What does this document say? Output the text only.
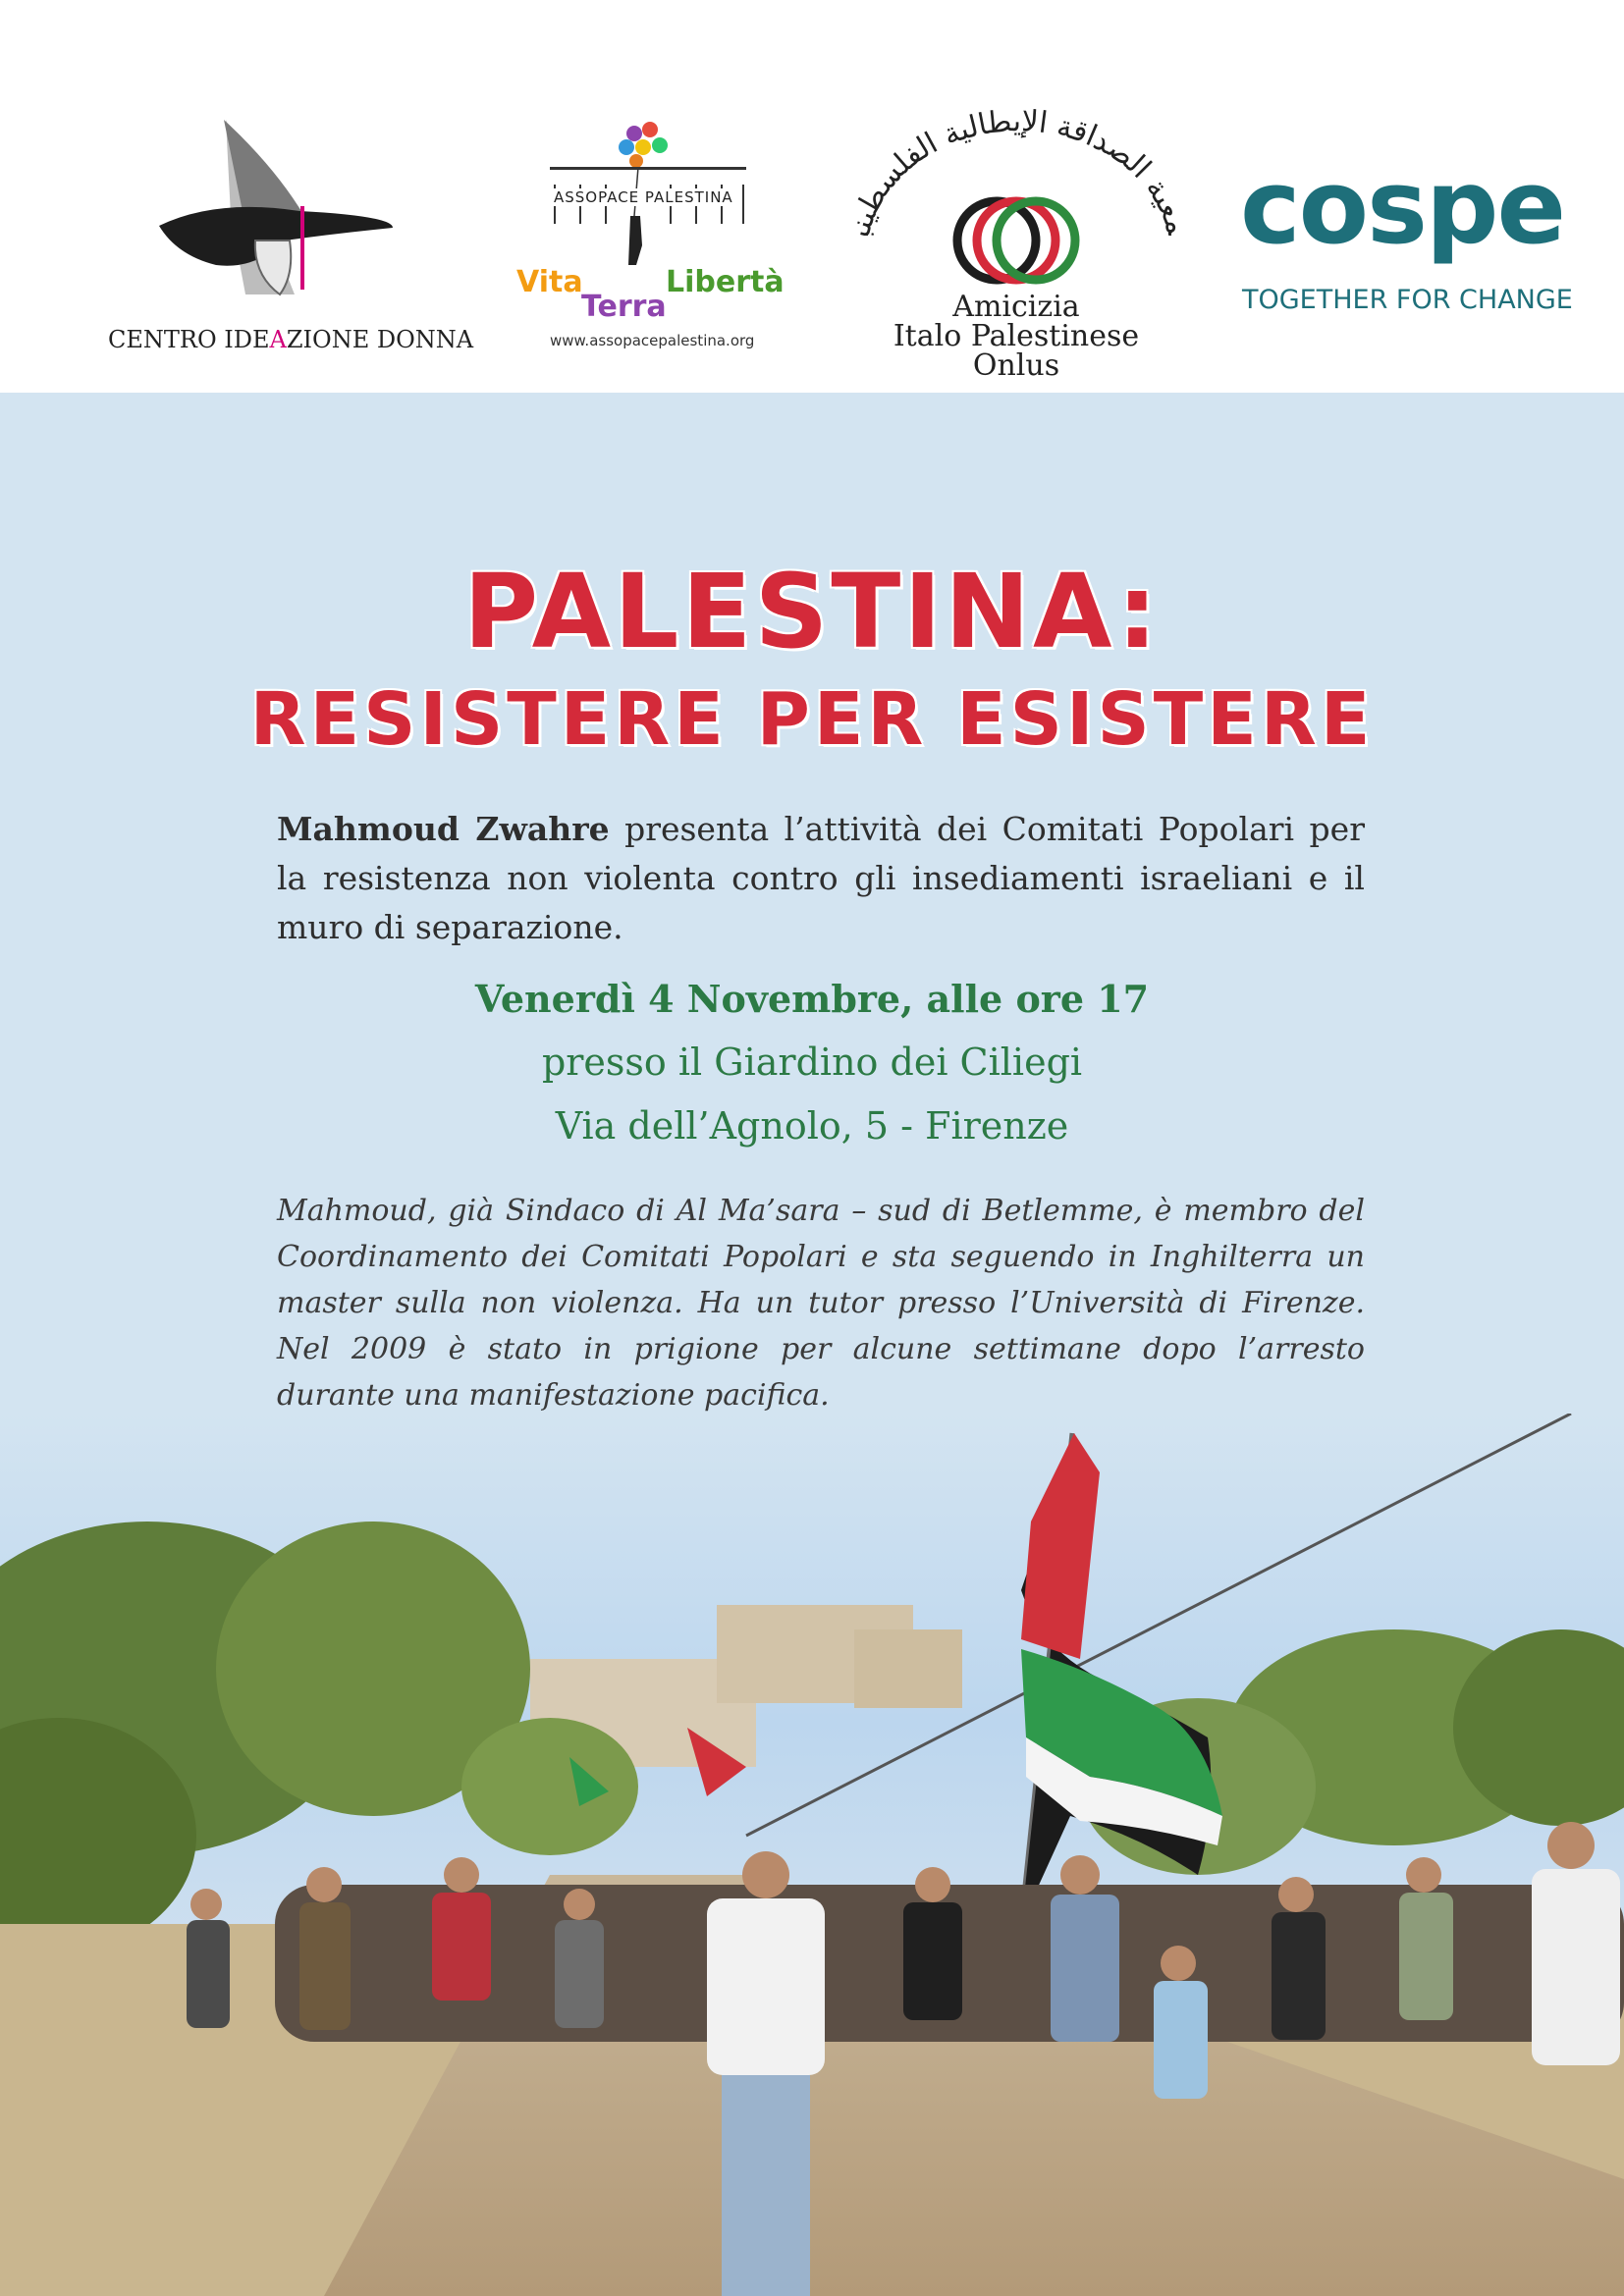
CENTRO IDEAZIONE DONNA
ASSOPACE PALESTINA
Vita
Terra
Libertà
www.assopacepalestina.org
معية الصداقة الإيطالية الفلسطيني
Amicizia
Italo Palestinese
Onlus
cospe
TOGETHER FOR CHANGE
PALESTINA:
RESISTERE PER ESISTERE

Mahmoud Zwahre presenta l’attività dei Comitati Popolari per la resistenza non violenta contro gli insediamenti israeliani e il muro di separazione.

Venerdì 4 Novembre, alle ore 17
presso il Giardino dei Ciliegi
Via dell’Agnolo, 5 - Firenze

Mahmoud, già Sindaco di Al Ma’sara – sud di Betlemme, è membro del Coordinamento dei Comitati Popolari e sta seguendo in Inghilterra un master sulla non violenza. Ha un tutor presso l’Università di Firenze. Nel 2009 è stato in prigione per alcune settimane dopo l’arresto durante una manifestazione pacifica.
